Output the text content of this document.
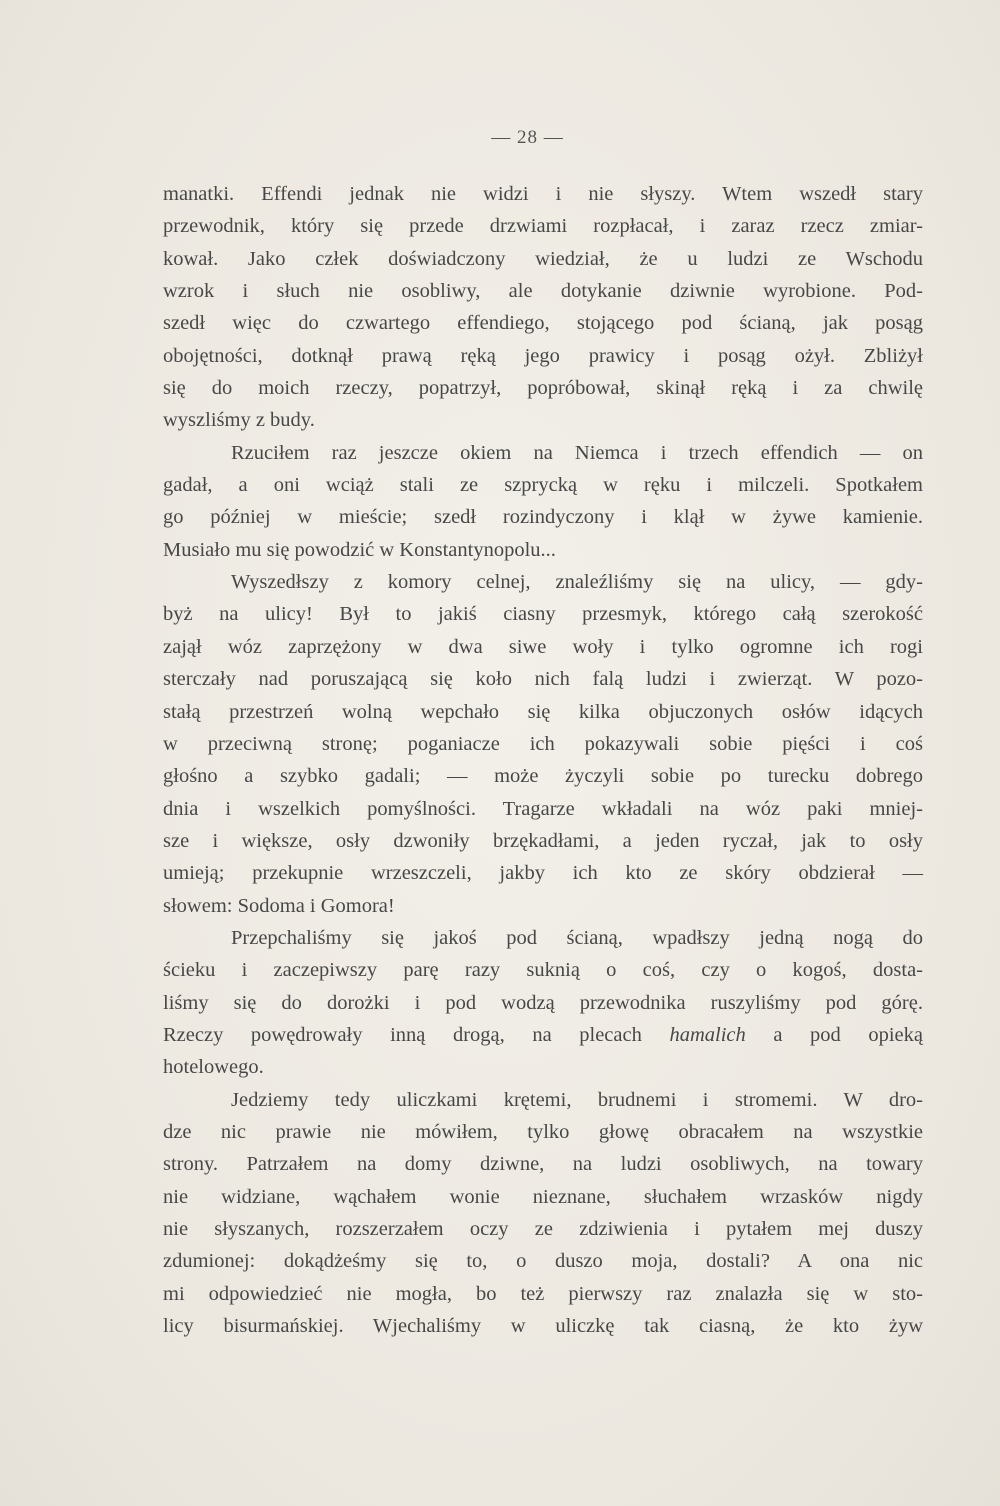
— 28 —
manatki. Effendi jednak nie widzi i nie słyszy. Wtem wszedł stary
przewodnik, który się przede drzwiami rozpłacał, i zaraz rzecz zmiar-
kował. Jako człek doświadczony wiedział, że u ludzi ze Wschodu
wzrok i słuch nie osobliwy, ale dotykanie dziwnie wyrobione. Pod-
szedł więc do czwartego effendiego, stojącego pod ścianą, jak posąg
obojętności, dotknął prawą ręką jego prawicy i posąg ożył. Zbliżył
się do moich rzeczy, popatrzył, popróbował, skinął ręką i za chwilę
wyszliśmy z budy.
Rzuciłem raz jeszcze okiem na Niemca i trzech effendich — on
gadał, a oni wciąż stali ze szprycką w ręku i milczeli. Spotkałem
go później w mieście; szedł rozindyczony i klął w żywe kamienie.
Musiało mu się powodzić w Konstantynopolu...
Wyszedłszy z komory celnej, znaleźliśmy się na ulicy, — gdy-
byż na ulicy! Był to jakiś ciasny przesmyk, którego całą szerokość
zajął wóz zaprzężony w dwa siwe woły i tylko ogromne ich rogi
sterczały nad poruszającą się koło nich falą ludzi i zwierząt. W pozo-
stałą przestrzeń wolną wepchało się kilka objuczonych osłów idących
w przeciwną stronę; poganiacze ich pokazywali sobie pięści i coś
głośno a szybko gadali; — może życzyli sobie po turecku dobrego
dnia i wszelkich pomyślności. Tragarze wkładali na wóz paki mniej-
sze i większe, osły dzwoniły brzękadłami, a jeden ryczał, jak to osły
umieją; przekupnie wrzeszczeli, jakby ich kto ze skóry obdzierał —
słowem: Sodoma i Gomora!
Przepchaliśmy się jakoś pod ścianą, wpadłszy jedną nogą do
ścieku i zaczepiwszy parę razy suknią o coś, czy o kogoś, dosta-
liśmy się do dorożki i pod wodzą przewodnika ruszyliśmy pod górę.
Rzeczy powędrowały inną drogą, na plecach hamalich a pod opieką
hotelowego.
Jedziemy tedy uliczkami krętemi, brudnemi i stromemi. W dro-
dze nic prawie nie mówiłem, tylko głowę obracałem na wszystkie
strony. Patrzałem na domy dziwne, na ludzi osobliwych, na towary
nie widziane, wąchałem wonie nieznane, słuchałem wrzasków nigdy
nie słyszanych, rozszerzałem oczy ze zdziwienia i pytałem mej duszy
zdumionej: dokądżeśmy się to, o duszo moja, dostali? A ona nic
mi odpowiedzieć nie mogła, bo też pierwszy raz znalazła się w sto-
licy bisurmańskiej. Wjechaliśmy w uliczkę tak ciasną, że kto żyw
